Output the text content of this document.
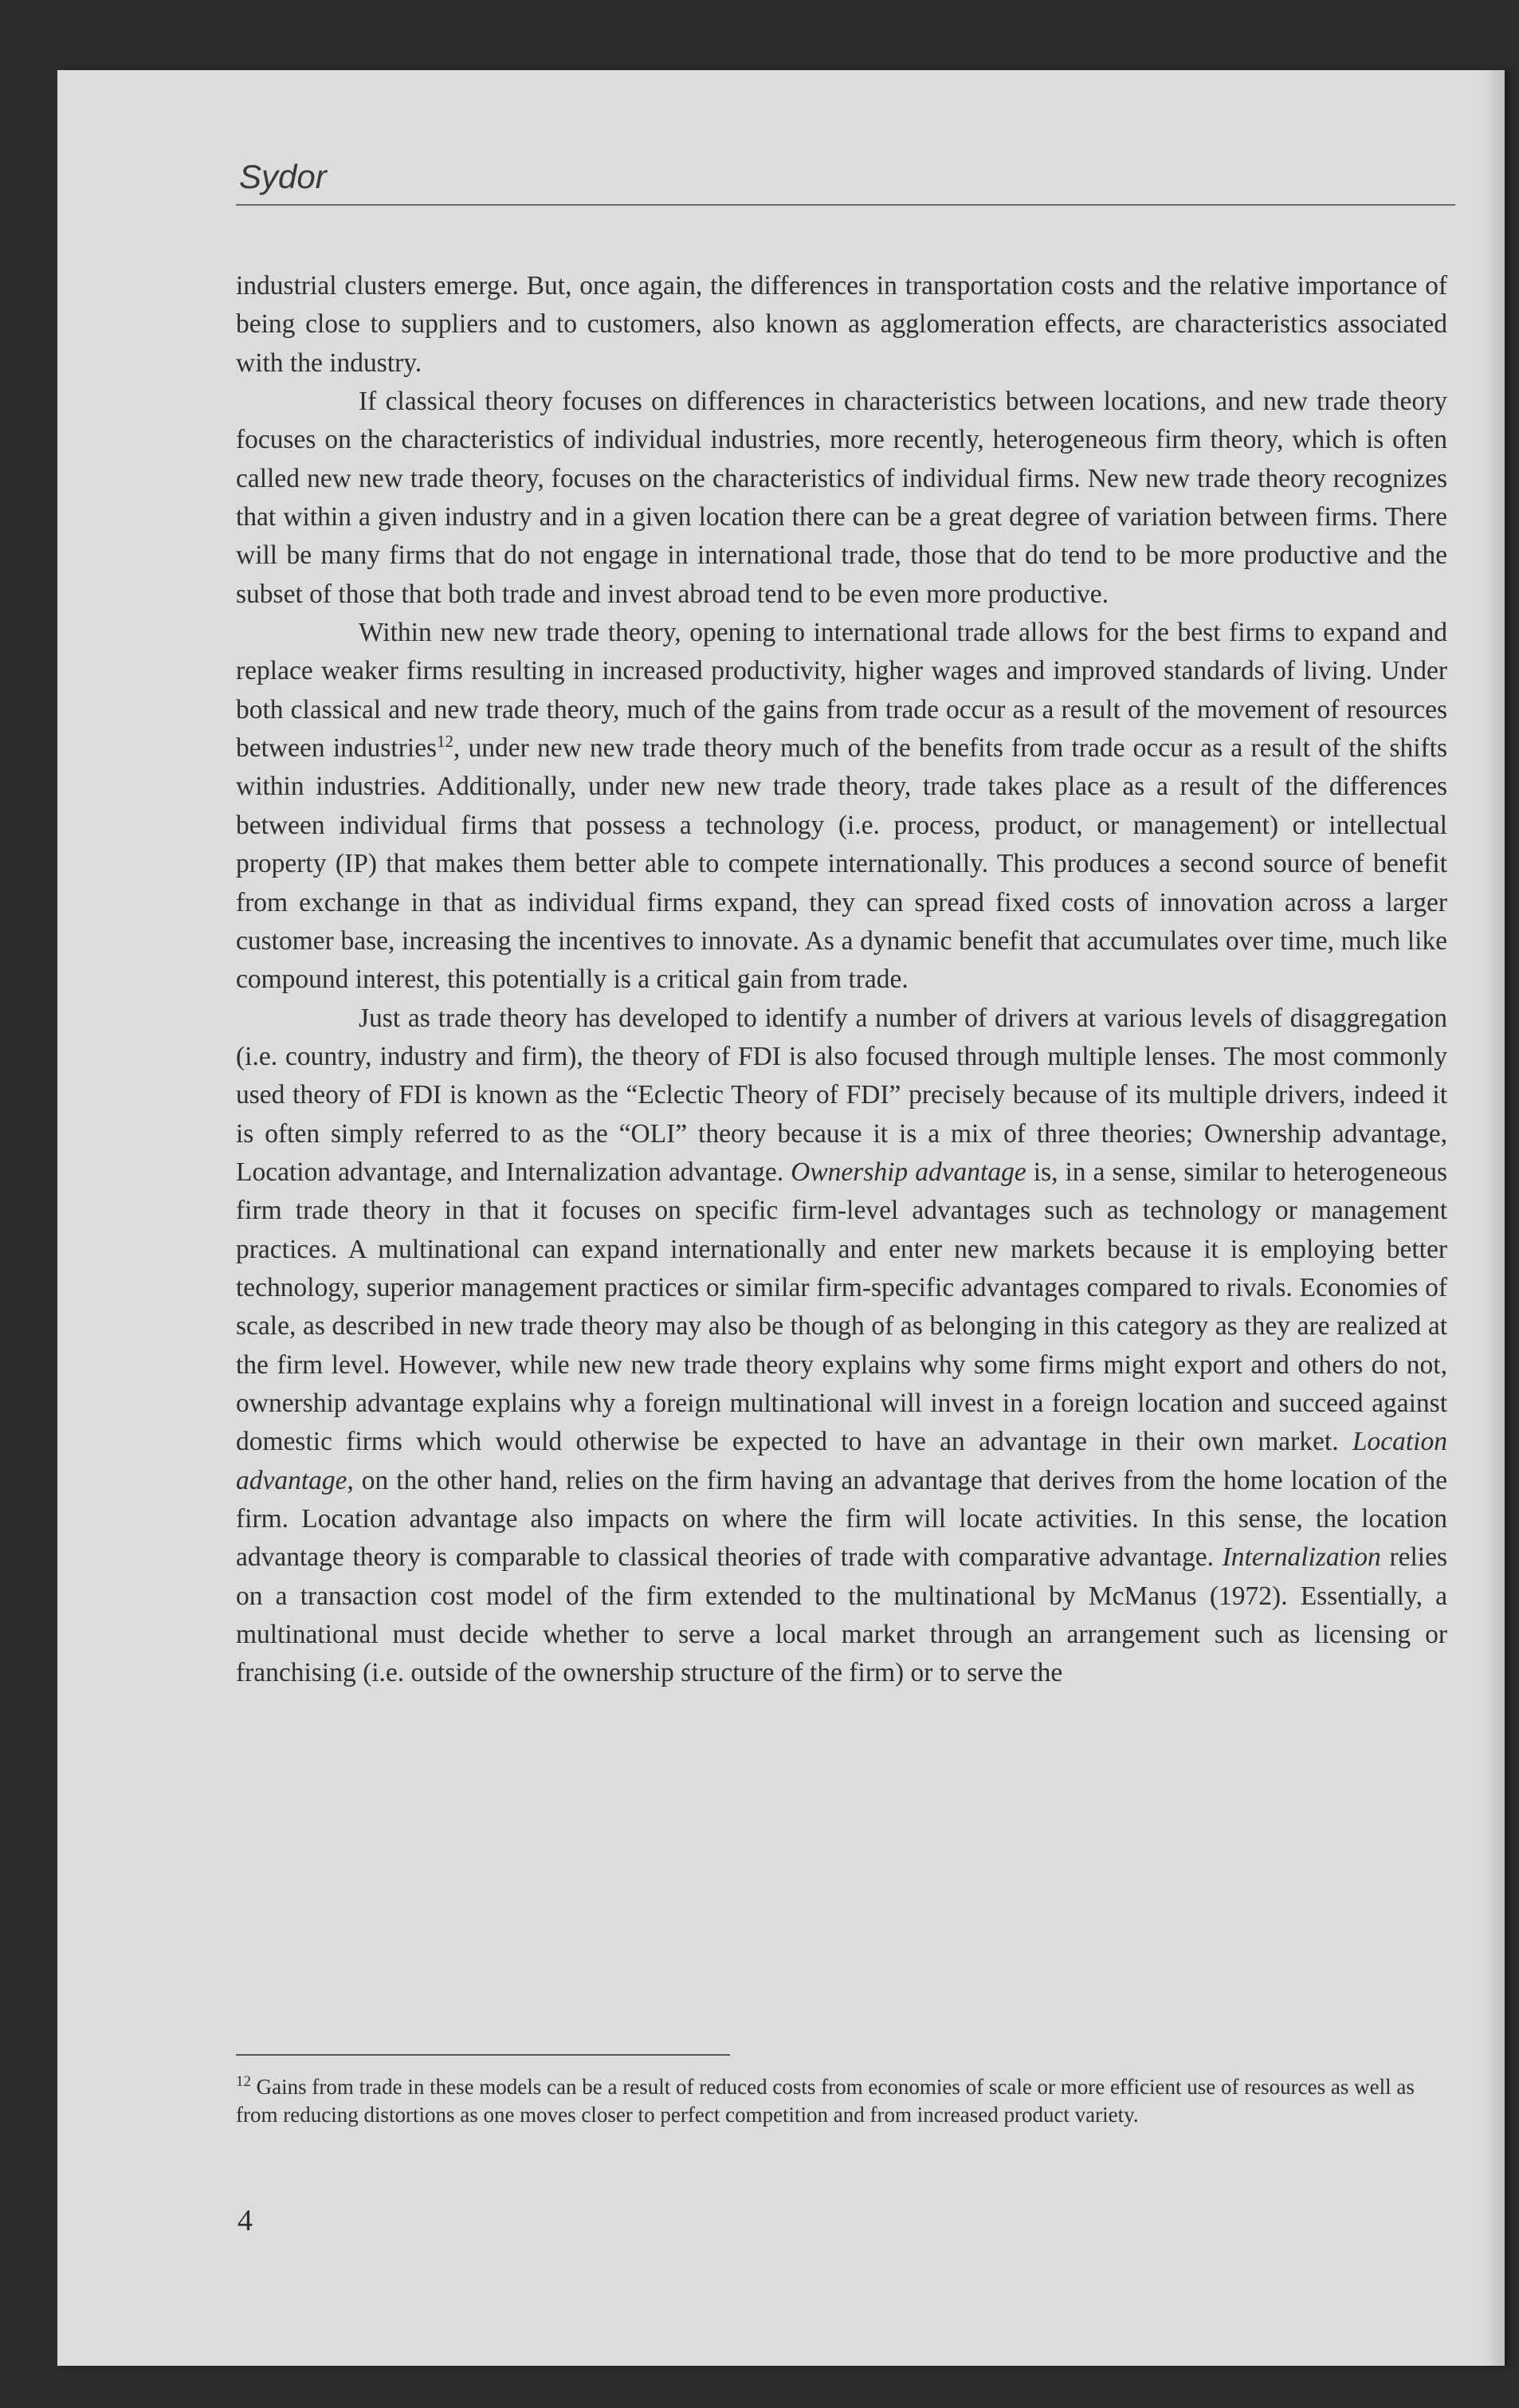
Sydor

industrial clusters emerge. But, once again, the differences in transportation costs and the relative importance of being close to suppliers and to customers, also known as agglomeration effects, are characteristics associated with the industry.

If classical theory focuses on differences in characteristics between locations, and new trade theory focuses on the characteristics of individual industries, more recently, heterogeneous firm theory, which is often called new new trade theory, focuses on the characteristics of individual firms. New new trade theory recognizes that within a given industry and in a given location there can be a great degree of variation between firms. There will be many firms that do not engage in international trade, those that do tend to be more productive and the subset of those that both trade and invest abroad tend to be even more productive.

Within new new trade theory, opening to international trade allows for the best firms to expand and replace weaker firms resulting in increased productivity, higher wages and improved standards of living. Under both classical and new trade theory, much of the gains from trade occur as a result of the movement of resources between industries$^{12}$, under new new trade theory much of the benefits from trade occur as a result of the shifts within industries. Additionally, under new new trade theory, trade takes place as a result of the differences between individual firms that possess a technology (i.e. process, product, or management) or intellectual property (IP) that makes them better able to compete internationally. This produces a second source of benefit from exchange in that as individual firms expand, they can spread fixed costs of innovation across a larger customer base, increasing the incentives to innovate. As a dynamic benefit that accumulates over time, much like compound interest, this potentially is a critical gain from trade.

Just as trade theory has developed to identify a number of drivers at various levels of disaggregation (i.e. country, industry and firm), the theory of FDI is also focused through multiple lenses. The most commonly used theory of FDI is known as the “Eclectic Theory of FDI” precisely because of its multiple drivers, indeed it is often simply referred to as the “OLI” theory because it is a mix of three theories; Ownership advantage, Location advantage, and Internalization advantage. Ownership advantage is, in a sense, similar to heterogeneous firm trade theory in that it focuses on specific firm-level advantages such as technology or management practices. A multinational can expand internationally and enter new markets because it is employing better technology, superior management practices or similar firm-specific advantages compared to rivals. Economies of scale, as described in new trade theory may also be though of as belonging in this category as they are realized at the firm level. However, while new new trade theory explains why some firms might export and others do not, ownership advantage explains why a foreign multinational will invest in a foreign location and succeed against domestic firms which would otherwise be expected to have an advantage in their own market. Location advantage, on the other hand, relies on the firm having an advantage that derives from the home location of the firm. Location advantage also impacts on where the firm will locate activities. In this sense, the location advantage theory is comparable to classical theories of trade with comparative advantage. Internalization relies on a transaction cost model of the firm extended to the multinational by McManus (1972). Essentially, a multinational must decide whether to serve a local market through an arrangement such as licensing or franchising (i.e. outside of the ownership structure of the firm) or to serve the

$^{12}$ Gains from trade in these models can be a result of reduced costs from economies of scale or more efficient use of resources as well as from reducing distortions as one moves closer to perfect competition and from increased product variety.
4
